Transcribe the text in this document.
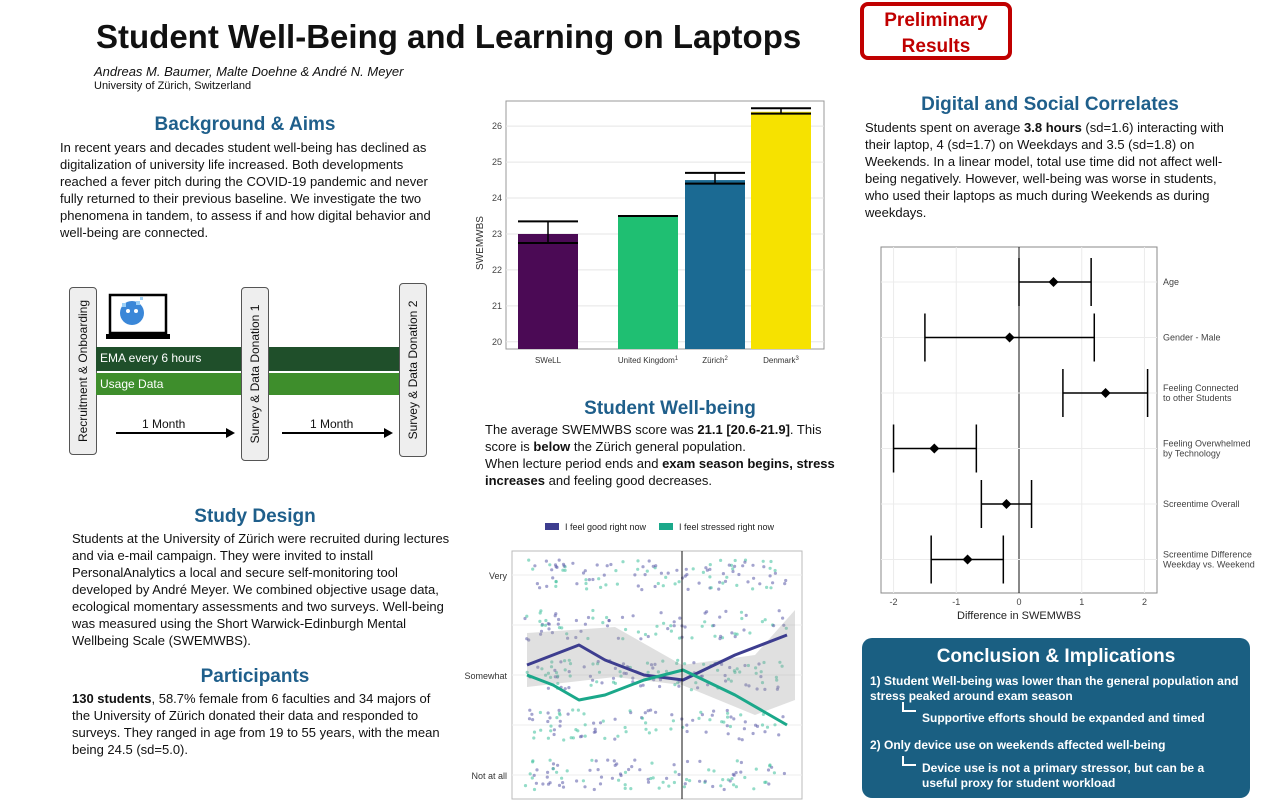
Student Well-Being and Learning on Laptops
Andreas M. Baumer, Malte Doehne & André N. Meyer
University of Zürich, Switzerland
Preliminary
Results
Background & Aims
In recent years and decades student well-being has declined as digitalization of university life increased. Both developments reached a fever pitch during the COVID-19 pandemic and never fully returned to their previous baseline. We investigate the two phenomena in tandem, to assess if and how digital behavior and well-being are connected.
Recruitment & Onboarding EMA every 6 hours
Usage Data	Survey & Data Donation 1	Survey & Data Donation 2
1 Month	1 Month
Study Design
Students at the University of Zürich were recruited during lectures and via e-mail campaign. They were invited to install PersonalAnalytics a local and secure self-monitoring tool developed by André Meyer. We combined objective usage data, ecological momentary assessments and two surveys. Well-being was measured using the Short Warwick-Edinburgh Mental Wellbeing Scale (SWEMWBS).
Participants
130 students, 58.7% female from 6 faculties and 34 majors of the University of Zürich donated their data and responded to surveys. They ranged in age from 19 to 55 years, with the mean being 24.5 (sd=5.0).
20
21
22
23
24
25
26
SWeLL	United Kingdom$^1$	Zürich$^2$	Denmark$^3$
SWEMWBS
Student Well-being
The average SWEMWBS score was 21.1 [20.6-21.9]. This score is below the Zürich general population.
When lecture period ends and exam season begins, stress increases and feeling good decreases.
I feel good right now	I feel stressed right now
Very
Somewhat
Not at all
Digital and Social Correlates
Students spent on average 3.8 hours (sd=1.6) interacting with their laptop, 4 (sd=1.7) on Weekdays and 3.5 (sd=1.8) on Weekends. In a linear model, total use time did not affect well-being negatively. However, well-being was worse in students, who used their laptops as much during Weekends as during weekdays.
-2	-1	0	1	2
Age
Gender - Male
Feeling Connected to other Students
Feeling Overwhelmed by Technology
Screentime Overall
Screentime Difference Weekday vs. Weekend
Difference in SWEMWBS
Conclusion & Implications
1) Student Well-being was lower than the general population and stress peaked around exam season
Supportive efforts should be expanded and timed
2) Only device use on weekends affected well-being
Device use is not a primary stressor, but can be a useful proxy for student workload
